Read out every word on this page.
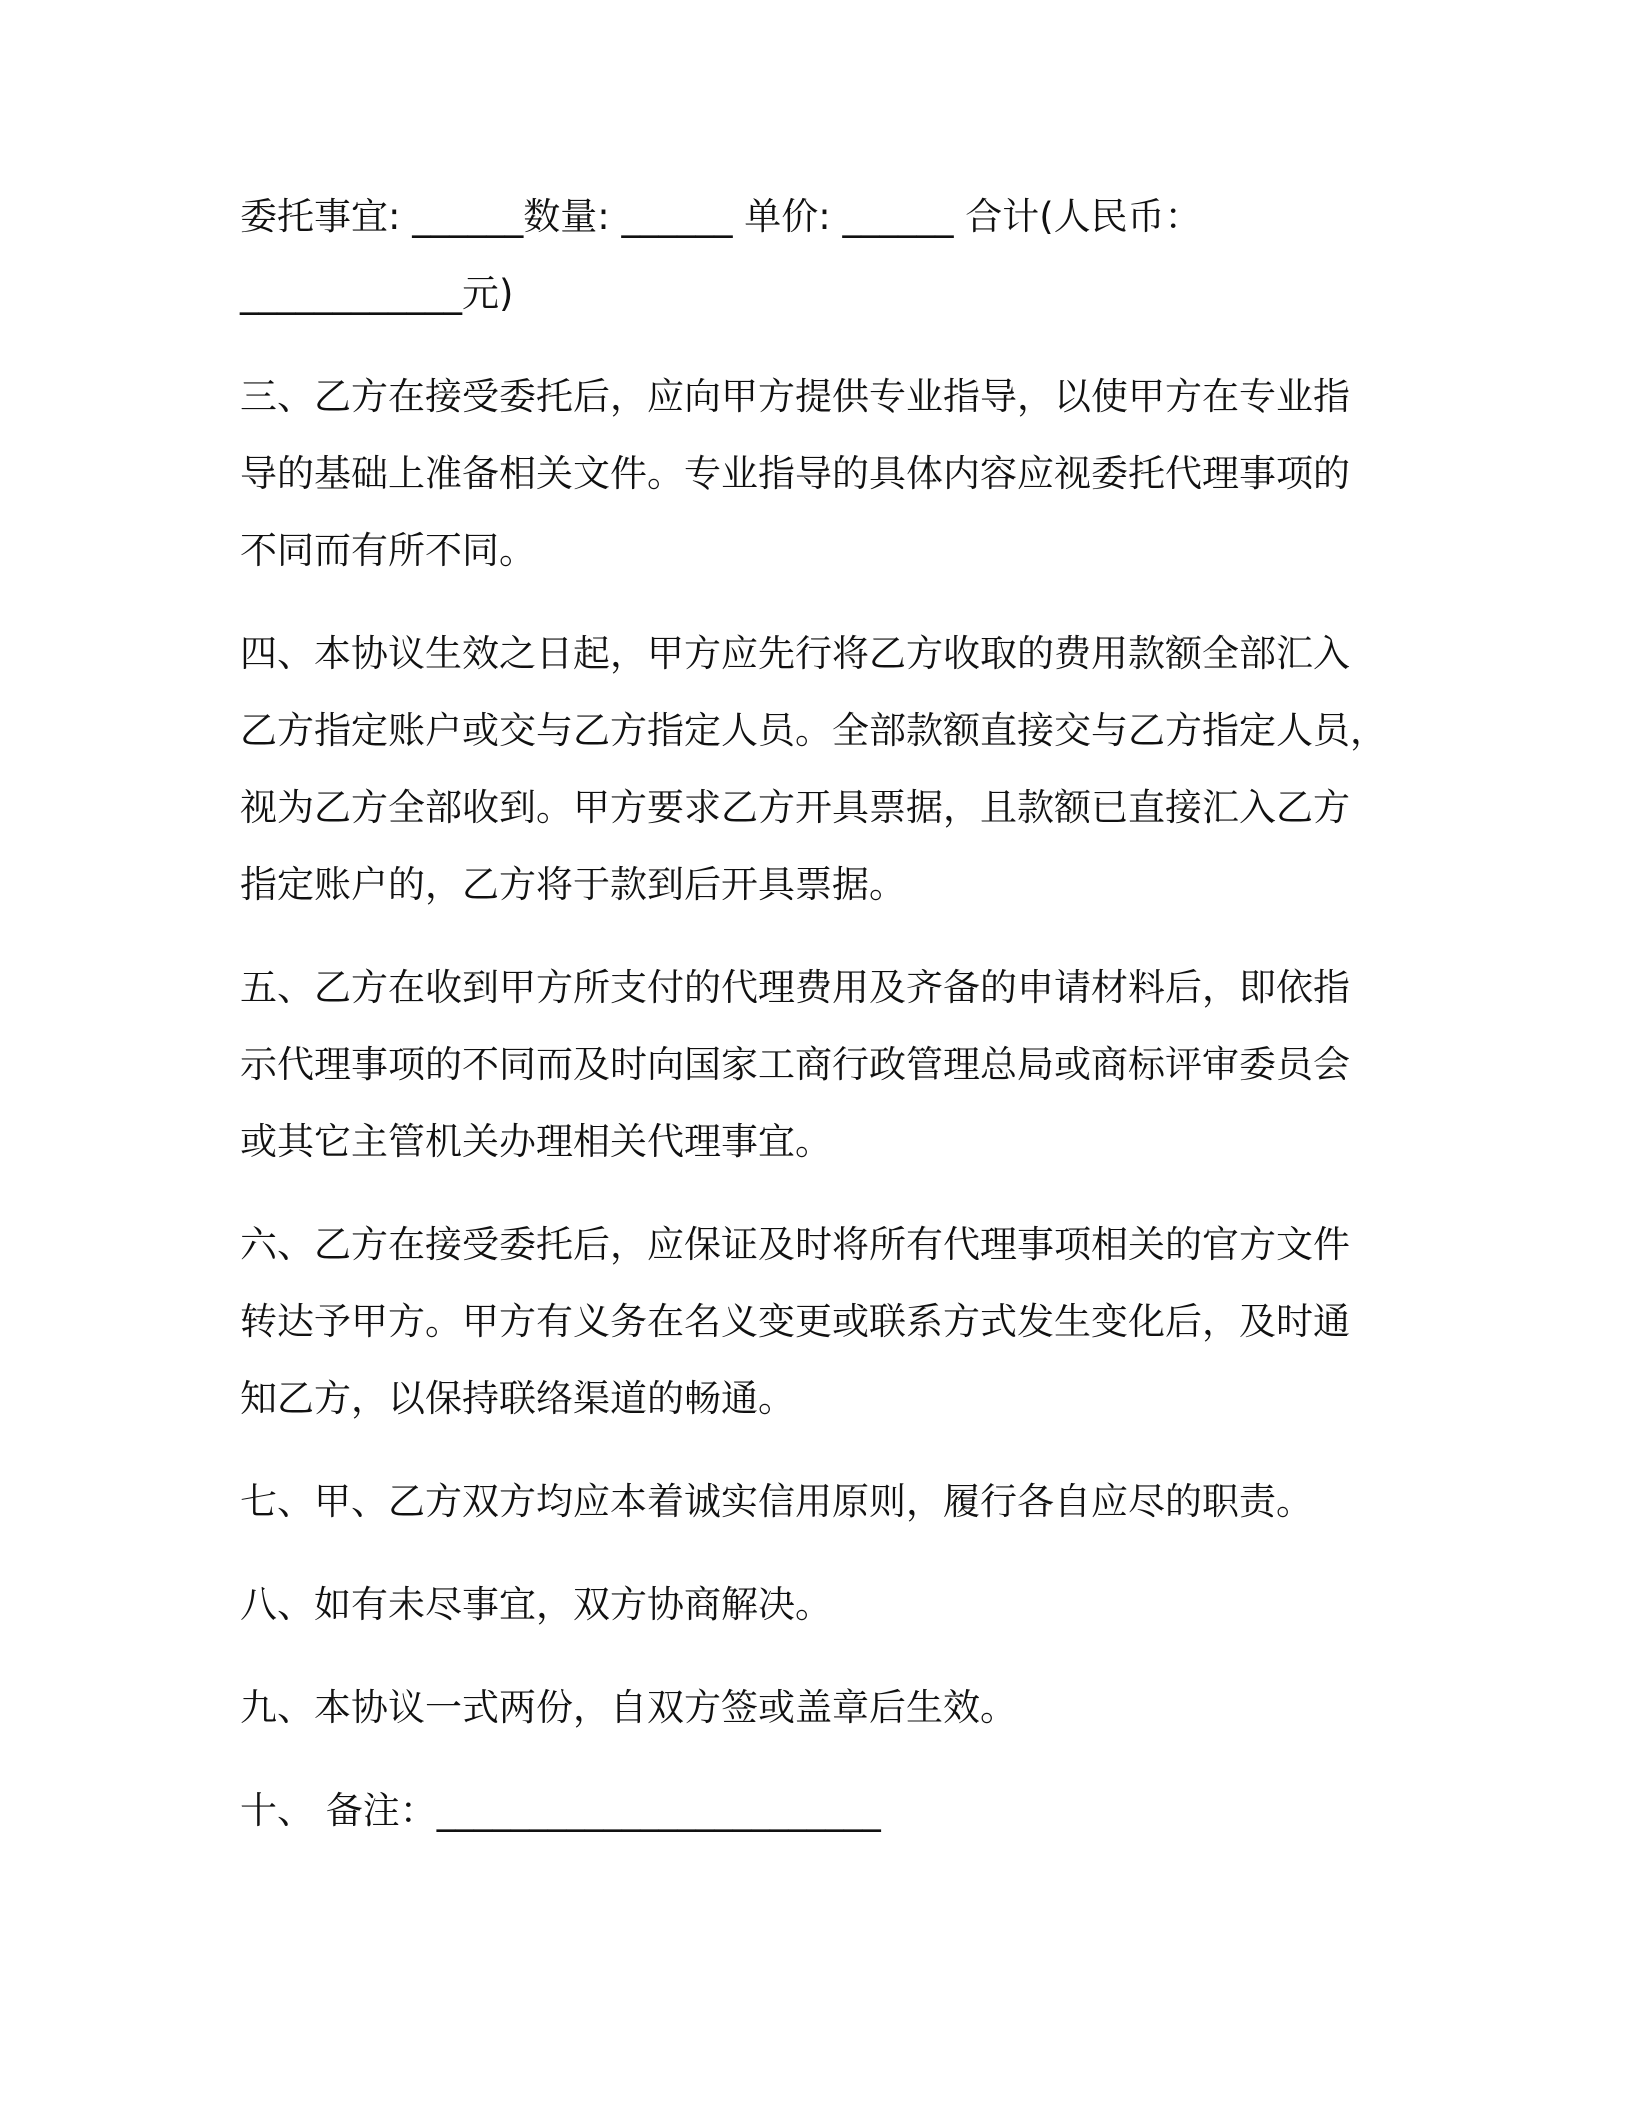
委托事宜: ______数量: ______ 单价: ______ 合计(人民币：
____________元)

三、乙方在接受委托后，应向甲方提供专业指导，以使甲方在专业指
导的基础上准备相关文件。专业指导的具体内容应视委托代理事项的
不同而有所不同。

四、本协议生效之日起，甲方应先行将乙方收取的费用款额全部汇入
乙方指定账户或交与乙方指定人员。全部款额直接交与乙方指定人员，
视为乙方全部收到。甲方要求乙方开具票据，且款额已直接汇入乙方
指定账户的，乙方将于款到后开具票据。

五、乙方在收到甲方所支付的代理费用及齐备的申请材料后，即依指
示代理事项的不同而及时向国家工商行政管理总局或商标评审委员会
或其它主管机关办理相关代理事宜。

六、乙方在接受委托后，应保证及时将所有代理事项相关的官方文件
转达予甲方。甲方有义务在名义变更或联系方式发生变化后，及时通
知乙方，以保持联络渠道的畅通。

七、甲、乙方双方均应本着诚实信用原则，履行各自应尽的职责。

八、如有未尽事宜，双方协商解决。

九、本协议一式两份，自双方签或盖章后生效。

十、 备注：________________________
